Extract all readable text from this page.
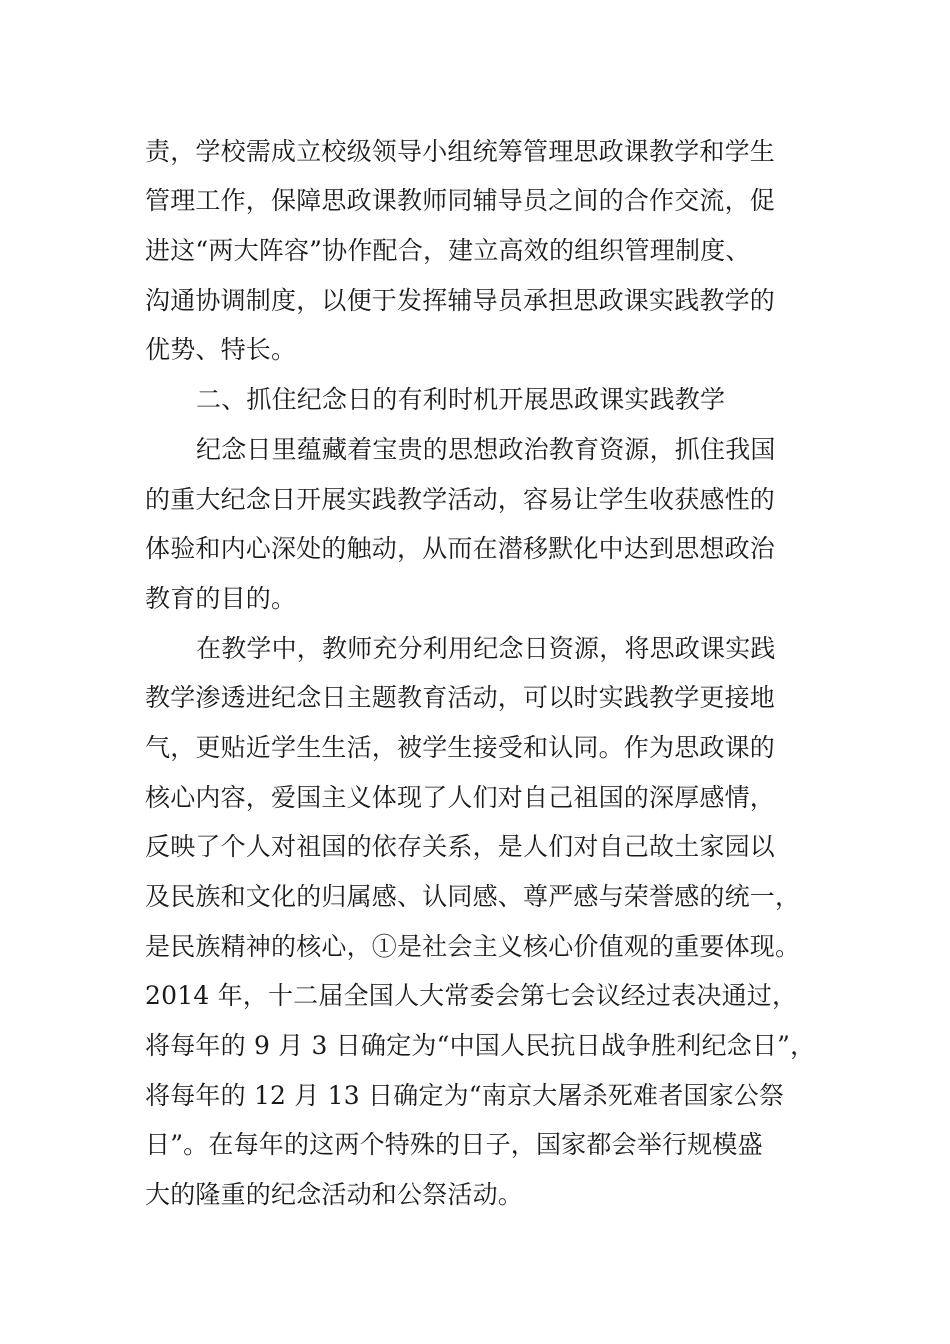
责，学校需成立校级领导小组统筹管理思政课教学和学生
管理工作，保障思政课教师同辅导员之间的合作交流，促
进这“两大阵容”协作配合，建立高效的组织管理制度、
沟通协调制度，以便于发挥辅导员承担思政课实践教学的
优势、特长。
二、抓住纪念日的有利时机开展思政课实践教学
纪念日里蕴藏着宝贵的思想政治教育资源，抓住我国
的重大纪念日开展实践教学活动，容易让学生收获感性的
体验和内心深处的触动，从而在潜移默化中达到思想政治
教育的目的。
在教学中，教师充分利用纪念日资源，将思政课实践
教学渗透进纪念日主题教育活动，可以时实践教学更接地
气，更贴近学生生活，被学生接受和认同。作为思政课的
核心内容，爱国主义体现了人们对自己祖国的深厚感情，
反映了个人对祖国的依存关系，是人们对自己故土家园以
及民族和文化的归属感、认同感、尊严感与荣誉感的统一，
是民族精神的核心，①是社会主义核心价值观的重要体现。
2014 年，十二届全国人大常委会第七会议经过表决通过，
将每年的 9 月 3 日确定为“中国人民抗日战争胜利纪念日”，
将每年的 12 月 13 日确定为“南京大屠杀死难者国家公祭
日”。在每年的这两个特殊的日子，国家都会举行规模盛
大的隆重的纪念活动和公祭活动。
